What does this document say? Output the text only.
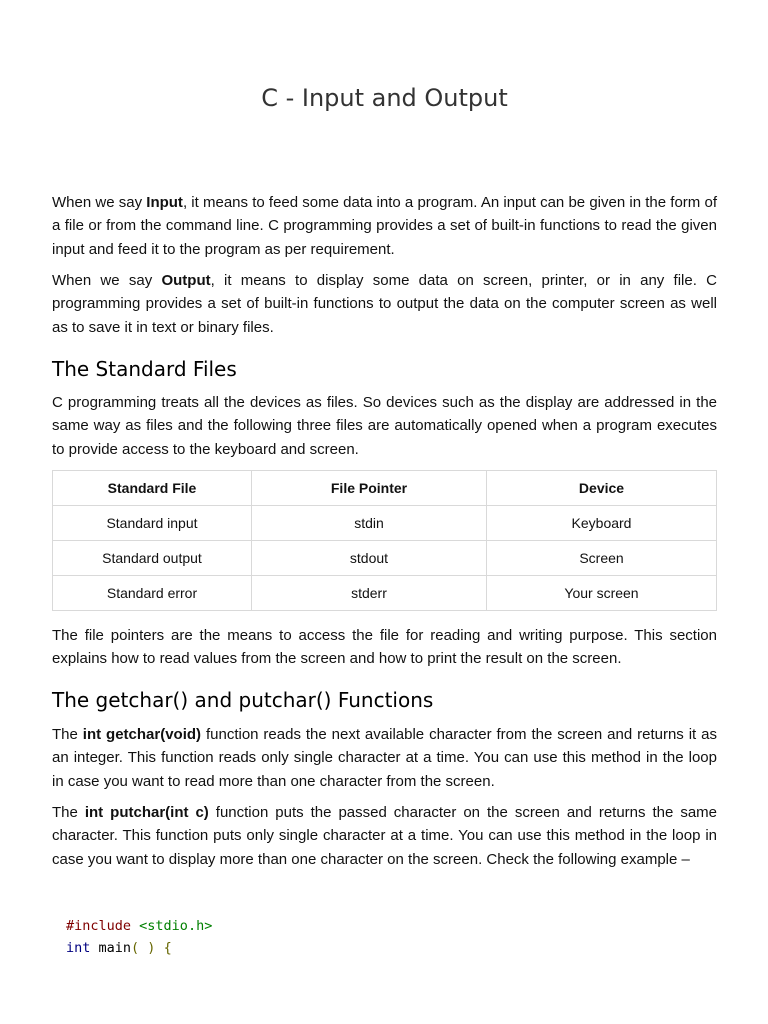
C - Input and Output

When we say Input, it means to feed some data into a program. An input can be given in the form of a file or from the command line. C programming provides a set of built-in functions to read the given input and feed it to the program as per requirement.

When we say Output, it means to display some data on screen, printer, or in any file. C programming provides a set of built-in functions to output the data on the computer screen as well as to save it in text or binary files.

The Standard Files

C programming treats all the devices as files. So devices such as the display are addressed in the same way as files and the following three files are automatically opened when a program executes to provide access to the keyboard and screen.

Standard File	File Pointer	Device
Standard input	stdin	Keyboard
Standard output	stdout	Screen
Standard error	stderr	Your screen

The file pointers are the means to access the file for reading and writing purpose. This section explains how to read values from the screen and how to print the result on the screen.

The getchar() and putchar() Functions

The int getchar(void) function reads the next available character from the screen and returns it as an integer. This function reads only single character at a time. You can use this method in the loop in case you want to read more than one character from the screen.

The int putchar(int c) function puts the passed character on the screen and returns the same character. This function puts only single character at a time. You can use this method in the loop in case you want to display more than one character on the screen. Check the following example –

#include <stdio.h>
int main( ) {
